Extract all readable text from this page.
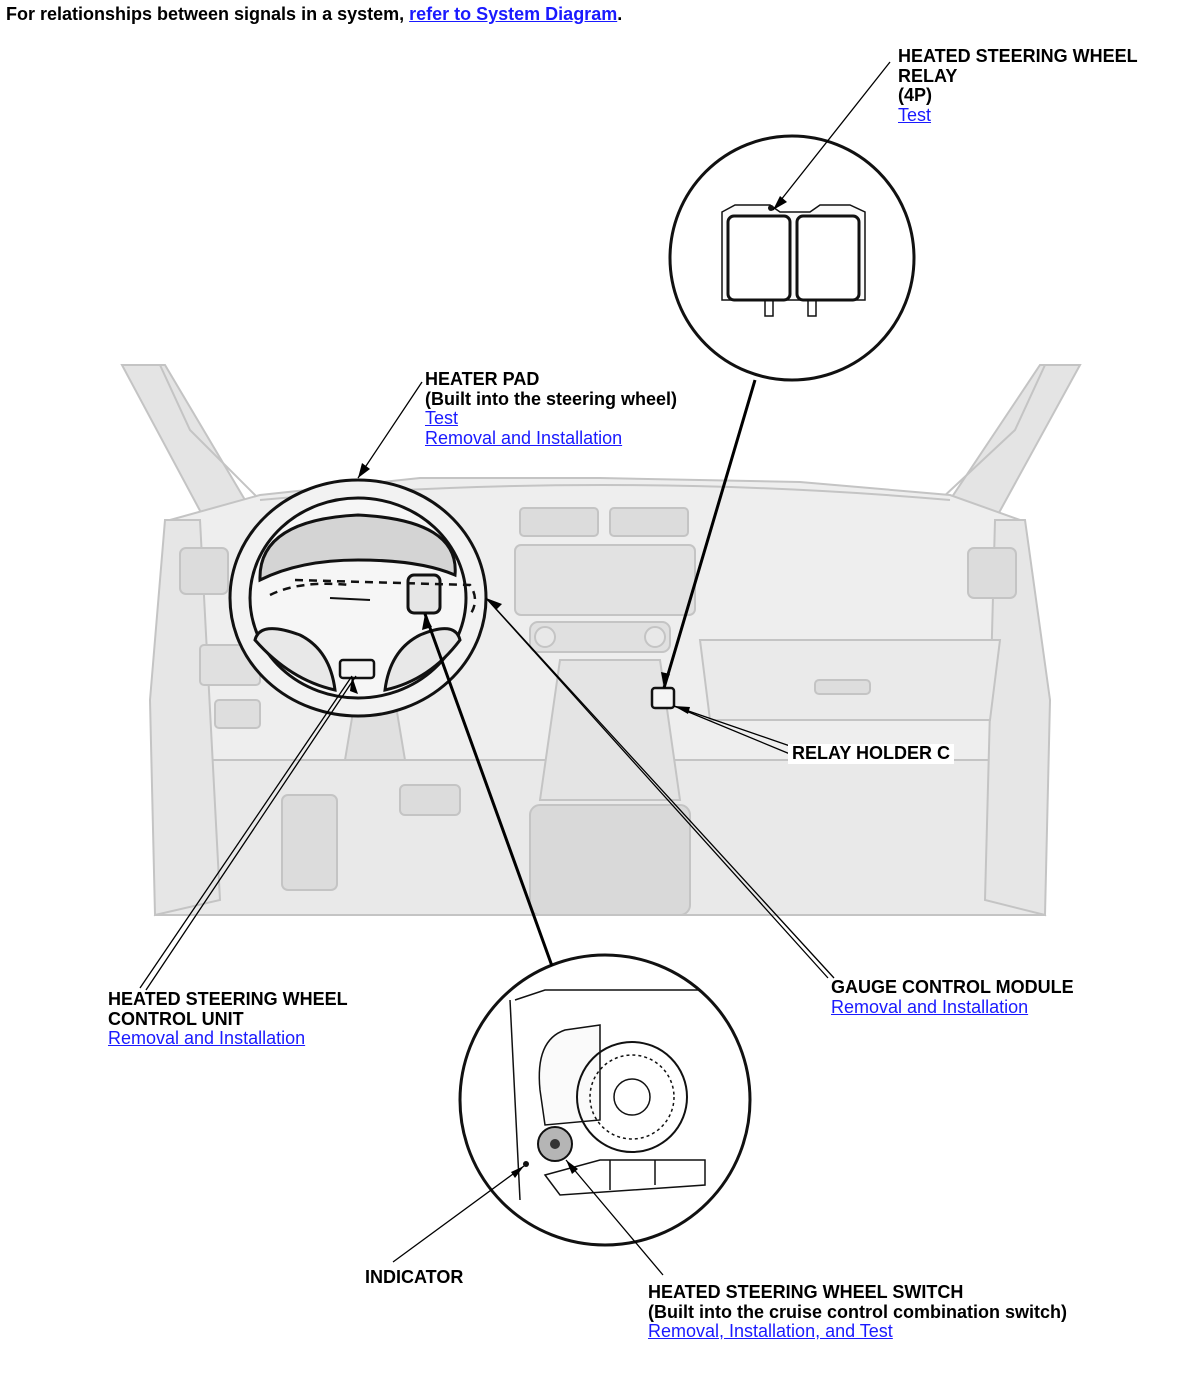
For relationships between signals in a system, refer to System Diagram.
HEATED STEERING WHEEL
RELAY
(4P)
Test
HEATER PAD
(Built into the steering wheel)
Test
Removal and Installation
RELAY HOLDER C
HEATED STEERING WHEEL
CONTROL UNIT
Removal and Installation
GAUGE CONTROL MODULE
Removal and Installation
INDICATOR
HEATED STEERING WHEEL SWITCH
(Built into the cruise control combination switch)
Removal, Installation, and Test
